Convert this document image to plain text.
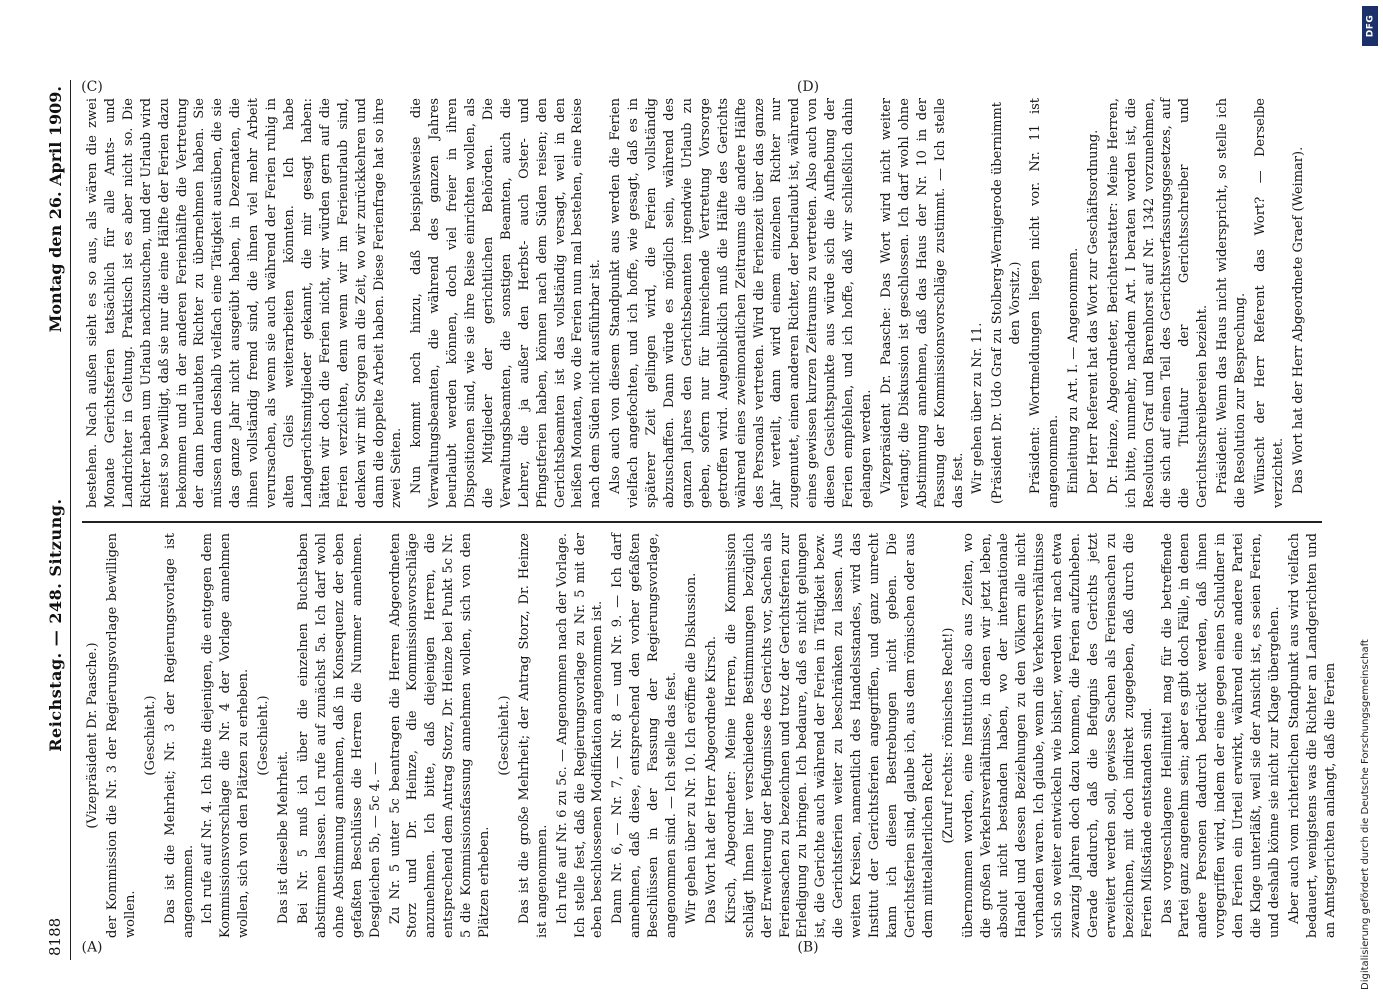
8188
Reichstag. — 248. Sitzung.
Montag den 26. April 1909.

(Vizepräsident Dr. Paasche.) der Kommission die Nr. 3 der Regierungsvorlage bewilligen wollen.

(Geschieht.) Das ist die Mehrheit; Nr. 3 der Regierungsvorlage ist angenommen. Ich rufe auf Nr. 4. Ich bitte diejenigen, die entgegen dem Kommissionsvorschlage die Nr. 4 der Vorlage annehmen wollen, sich von den Plätzen zu erheben. (Geschieht.)

Das ist dieselbe Mehrheit. Bei Nr. 5 muß ich über die einzelnen Buchstaben abstimmen lassen. Ich rufe auf zunächst 5a. Ich darf wohl ohne Abstimmung annehmen, daß in Konsequenz der eben gefaßten Beschlüsse die Herren die Nummer annehmen. Desgleichen 5b, — 5c 4. — Zu Nr. 5 unter 5c beantragen die Herren Abgeordneten Storz und Dr. Heinze, die Kommissionsvorschläge anzunehmen. Ich bitte, daß diejenigen Herren, die entsprechend dem Antrag Storz, Dr. Heinze bei Punkt 5c Nr. 5 die Kommissionsfassung annehmen wollen, sich von den Plätzen erheben.

(Geschieht.) Das ist die große Mehrheit; der Antrag Storz, Dr. Heinze ist angenommen. Ich rufe auf Nr. 6 zu 5c. — Angenommen nach der Vorlage. Ich stelle fest, daß die Regierungsvorlage zu Nr. 5 mit der eben beschlossenen Modifikation angenommen ist. Dann Nr. 6, — Nr. 7, — Nr. 8 — und Nr. 9. — Ich darf annehmen, daß diese, entsprechend den vorher gefaßten Beschlüssen in der Fassung der Regierungsvorlage, angenommen sind. — Ich stelle das fest. Wir gehen über zu Nr. 10. Ich eröffne die Diskussion. Das Wort hat der Herr Abgeordnete Kirsch. Kirsch, Abgeordneter: Meine Herren, die Kommission schlägt Ihnen hier verschiedene Bestimmungen bezüglich der Erweiterung der Befugnisse des Gerichts vor, Sachen als Feriensachen zu bezeichnen und trotz der Gerichtsferien zur Erledigung zu bringen. Ich bedaure, daß es nicht gelungen ist, die Gerichte auch während der Ferien in Tätigkeit bezw. die Gerichtsferien weiter zu beschränken zu lassen. Aus weiten Kreisen, namentlich des Handelsstandes, wird das Institut der Gerichtsferien angegriffen, und ganz unrecht kann ich diesen Bestrebungen nicht geben. Die Gerichtsferien sind, glaube ich, aus dem römischen oder aus dem mittelalterlichen Recht

(Zuruf rechts: römisches Recht!) übernommen worden, eine Institution also aus Zeiten, wo die großen Verkehrsverhältnisse, in denen wir jetzt leben, absolut nicht bestanden haben, wo der internationale Handel und dessen Beziehungen zu den Völkern alle nicht vorhanden waren. Ich glaube, wenn die Verkehrsverhältnisse sich so weiter entwickeln wie bisher, werden wir nach etwa zwanzig Jahren doch dazu kommen, die Ferien aufzuheben. Gerade dadurch, daß die Befugnis des Gerichts jetzt erweitert werden soll, gewisse Sachen als Feriensachen zu bezeichnen, mit doch indirekt zugegeben, daß durch die Ferien Mißstände entstanden sind. Das vorgeschlagene Heilmittel mag für die betreffende Partei ganz angenehm sein; aber es gibt doch Fälle, in denen andere Personen dadurch bedrückt werden, daß ihnen vorgegriffen wird, indem der eine gegen einen Schuldner in den Ferien ein Urteil erwirkt, während eine andere Partei die Klage unterläßt, weil sie der Ansicht ist, es seien Ferien, und deshalb könne sie nicht zur Klage übergehen. Aber auch vom richterlichen Standpunkt aus wird vielfach bedauert, wenigstens was die Richter an Landgerichten und an Amtsgerichten anlangt, daß die Ferien

bestehen. Nach außen sieht es so aus, als wären die zwei Monate Gerichtsferien tatsächlich für alle Amts- und Landrichter in Geltung. Praktisch ist es aber nicht so. Die Richter haben um Urlaub nachzusuchen, und der Urlaub wird meist so bewilligt, daß sie nur die eine Hälfte der Ferien dazu bekommen und in der anderen Ferienhälfte die Vertretung der dann beurlaubten Richter zu übernehmen haben. Sie müssen dann deshalb vielfach eine Tätigkeit ausüben, die sie das ganze Jahr nicht ausgeübt haben, in Dezernaten, die ihnen vollständig fremd sind, die ihnen viel mehr Arbeit verursachen, als wenn sie auch während der Ferien ruhig in alten Gleis weiterarbeiten könnten. Ich habe Landgerichtsmitglieder gekannt, die mir gesagt haben: hätten wir doch die Ferien nicht, wir würden gern auf die Ferien verzichten, denn wenn wir im Ferienurlaub sind, denken wir mit Sorgen an die Zeit, wo wir zurückkehren und dann die doppelte Arbeit haben. Diese Ferienfrage hat so ihre zwei Seiten. Nun kommt noch hinzu, daß beispielsweise die Verwaltungsbeamten, die während des ganzen Jahres beurlaubt werden können, doch viel freier in ihren Dispositionen sind, wie sie ihre Reise einrichten wollen, als die Mitglieder der gerichtlichen Behörden. Die Verwaltungsbeamten, die sonstigen Beamten, auch die Lehrer, die ja außer den Herbst- auch Oster- und Pfingstferien haben, können nach dem Süden reisen; den Gerichtsbeamten ist das vollständig versagt, weil in den heißen Monaten, wo die Ferien nun mal bestehen, eine Reise nach dem Süden nicht ausführbar ist. Also auch von diesem Standpunkt aus werden die Ferien vielfach angefochten, und ich hoffe, wie gesagt, daß es in späterer Zeit gelingen wird, die Ferien vollständig abzuschaffen. Dann würde es möglich sein, während des ganzen Jahres den Gerichtsbeamten irgendwie Urlaub zu geben, sofern nur für hinreichende Vertretung Vorsorge getroffen wird. Augenblicklich muß die Hälfte des Gerichts während eines zweimonatlichen Zeitraums die andere Hälfte des Personals vertreten. Wird die Ferienzeit über das ganze Jahr verteilt, dann wird einem einzelnen Richter nur zugemutet, einen anderen Richter, der beurlaubt ist, während eines gewissen kurzen Zeitraums zu vertreten. Also auch von diesen Gesichtspunkte aus würde sich die Aufhebung der Ferien empfehlen, und ich hoffe, daß wir schließlich dahin gelangen werden. Vizepräsident Dr. Paasche: Das Wort wird nicht weiter verlangt; die Diskussion ist geschlossen. Ich darf wohl ohne Abstimmung annehmen, daß das Haus der Nr. 10 in der Fassung der Kommissionsvorschläge zustimmt. — Ich stelle das fest. Wir gehen über zu Nr. 11. (Präsident Dr. Udo Graf zu Stolberg-Wernigerode übernimmt den Vorsitz.) Präsident: Wortmeldungen liegen nicht vor. Nr. 11 ist angenommen. Einleitung zu Art. I. — Angenommen. Der Herr Referent hat das Wort zur Geschäftsordnung. Dr. Heinze, Abgeordneter, Berichterstatter: Meine Herren, ich bitte, nunmehr, nachdem Art. I beraten worden ist, die Resolution Graf und Barenhorst auf Nr. 1342 vorzunehmen, die sich auf einen Teil des Gerichtsverfassungsgesetzes, auf die Titulatur der Gerichtsschreiber und Gerichtsschreibereien bezieht. Präsident: Wenn das Haus nicht widerspricht, so stelle ich die Resolution zur Besprechung. Wünscht der Herr Referent das Wort? — Derselbe verzichtet. Das Wort hat der Herr Abgeordnete Graef (Weimar).

(A)	(B)
(C)	(D)
DFG
Digitalisierung gefördert durch die Deutsche Forschungsgemeinschaft
